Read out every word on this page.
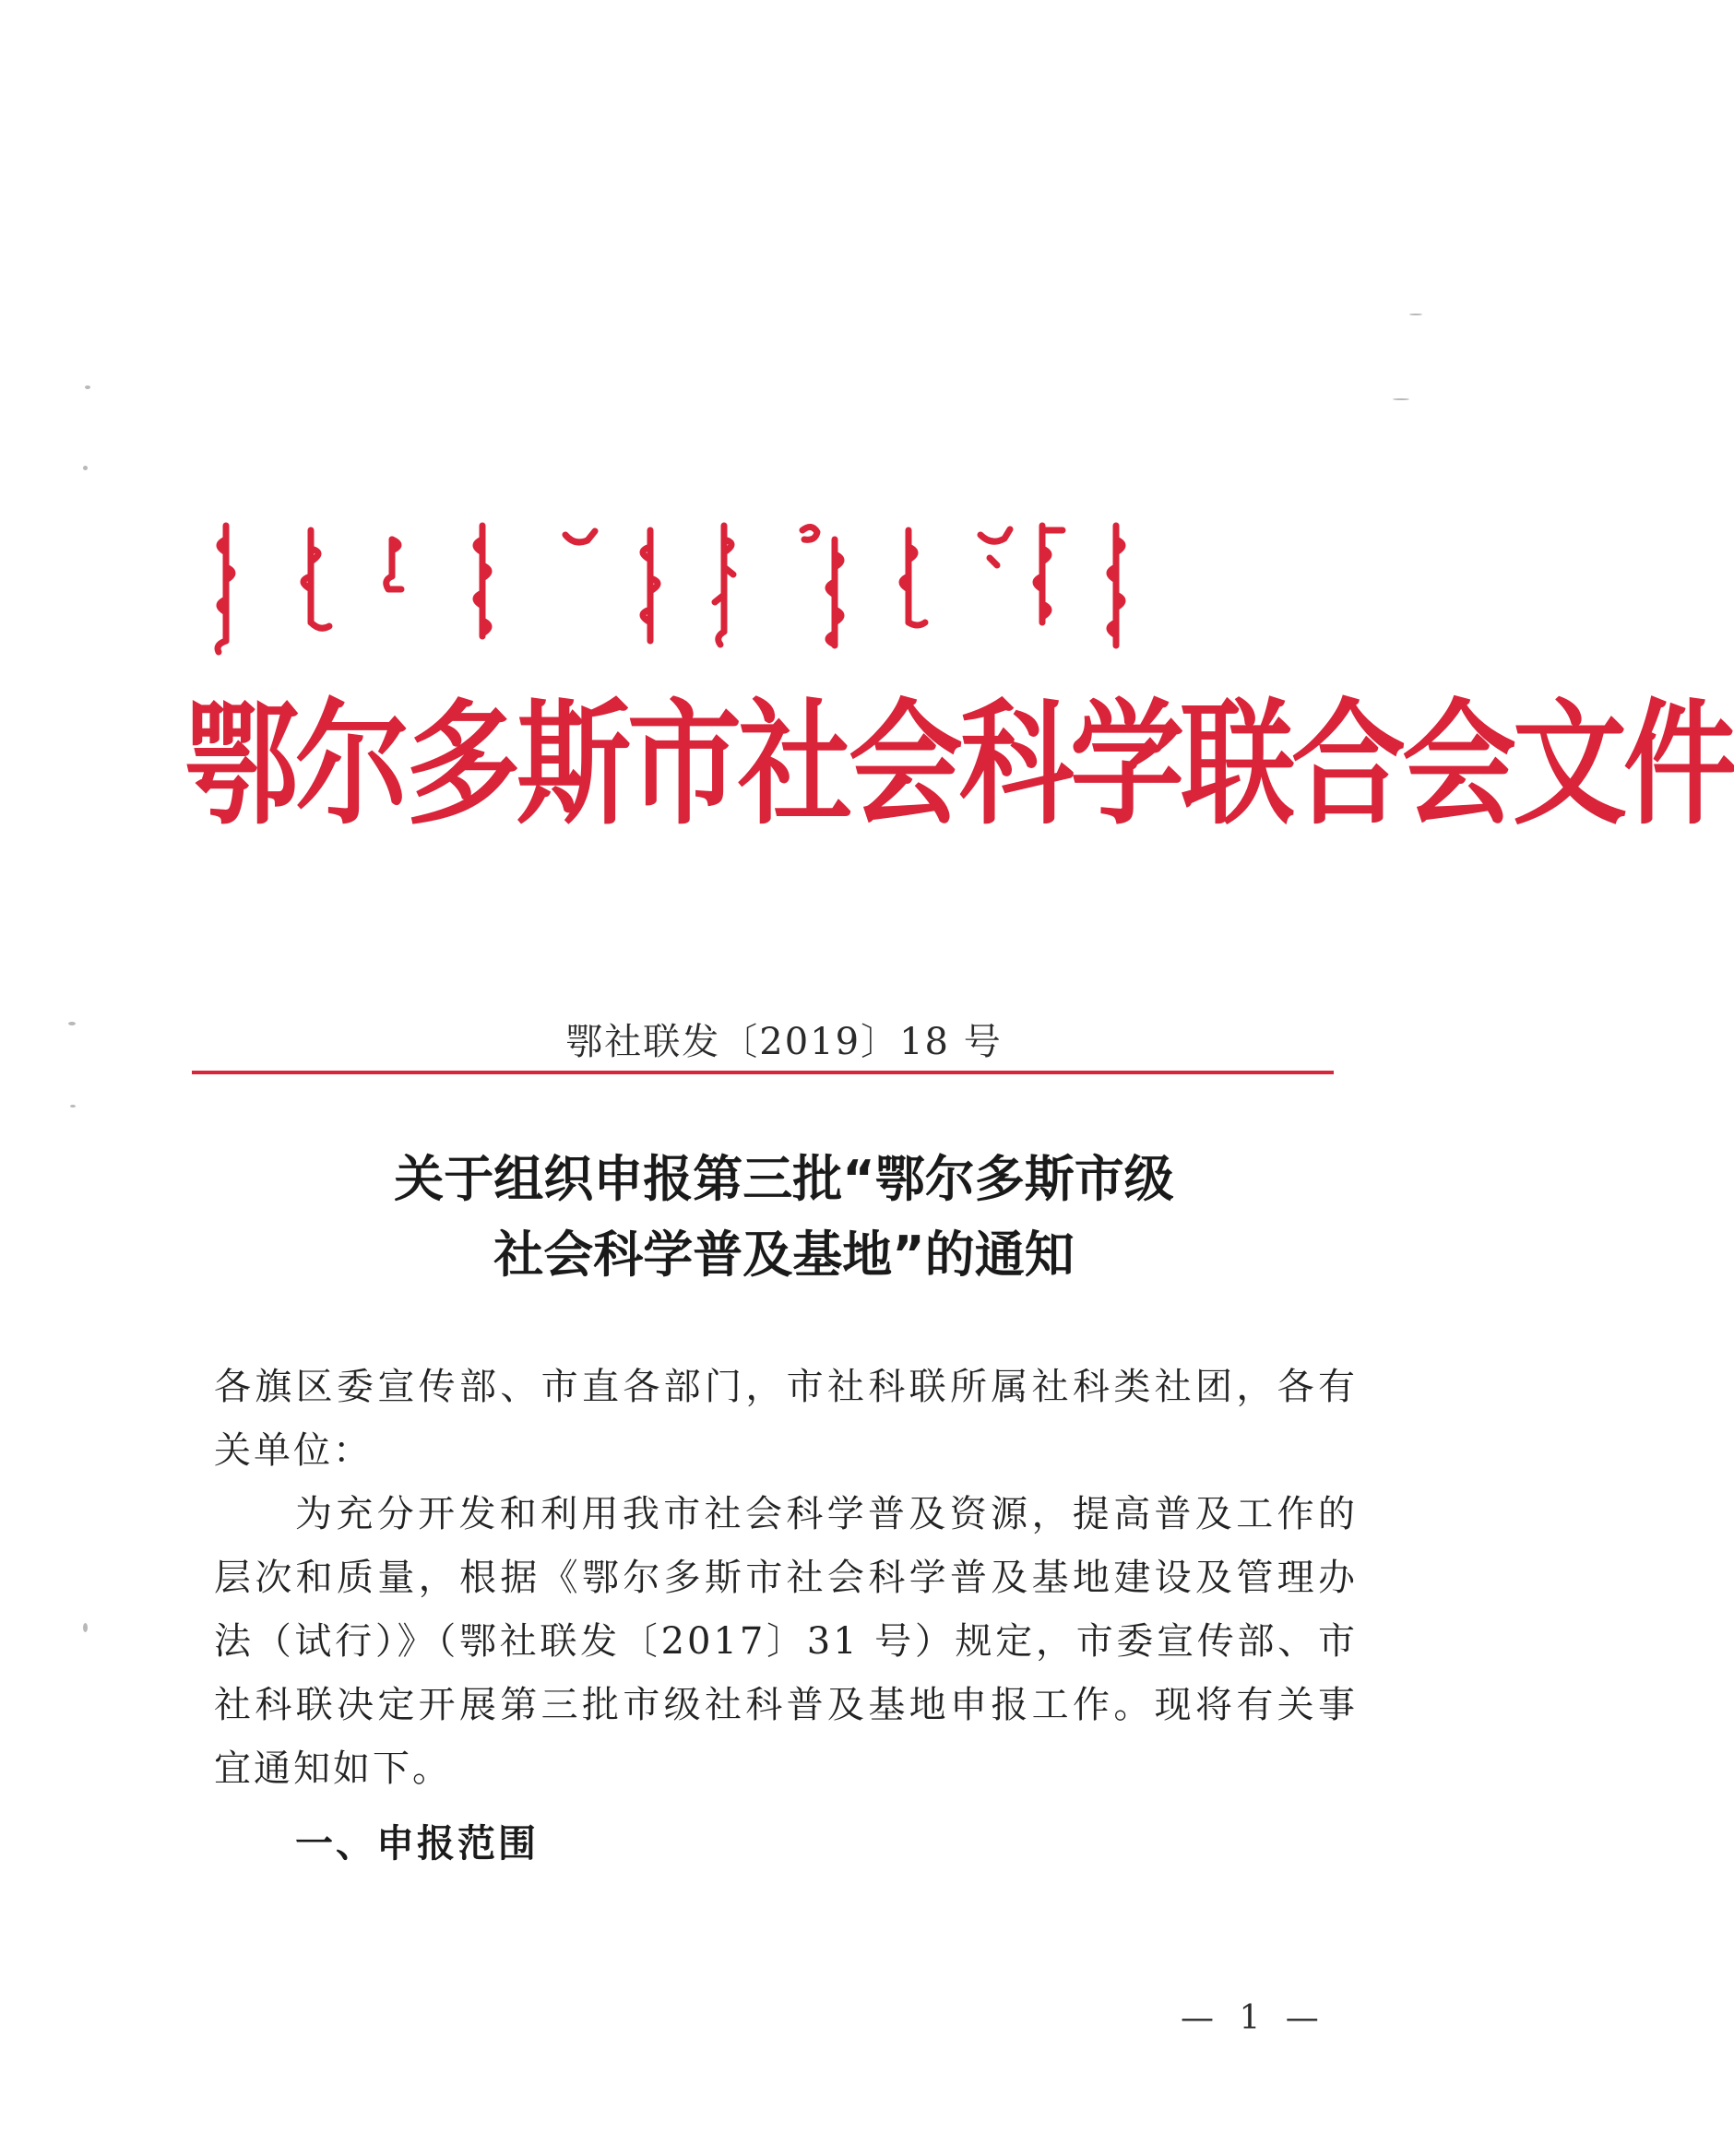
鄂尔多斯市社会科学联合会文件
鄂社联发〔2019〕18 号
关于组织申报第三批“鄂尔多斯市级
社会科学普及基地”的通知

各旗区委宣传部、市直各部门，市社科联所属社科类社团，各有关单位：

为充分开发和利用我市社会科学普及资源，提高普及工作的层次和质量，根据《鄂尔多斯市社会科学普及基地建设及管理办法（试行）》（鄂社联发〔2017〕31 号）规定，市委宣传部、市社科联决定开展第三批市级社科普及基地申报工作。现将有关事宜通知如下。

一、申报范围
— 1 —
